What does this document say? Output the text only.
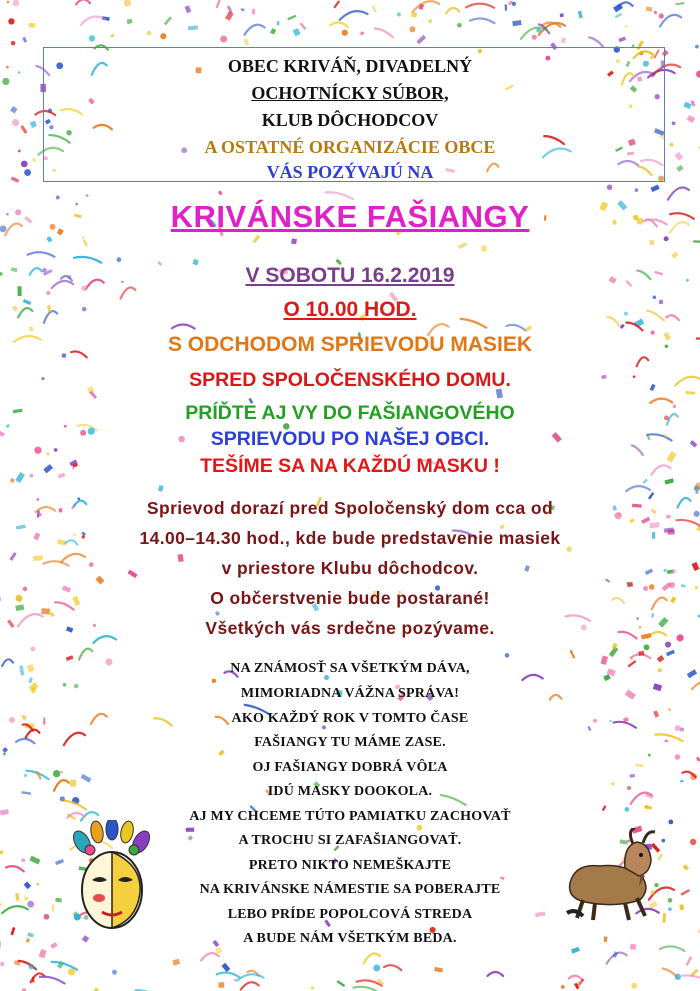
OBEC KRIVÁŇ, DIVADELNÝ
OCHOTNÍCKY SÚBOR,
KLUB DÔCHODCOV
A OSTATNÉ ORGANIZÁCIE OBCE
VÁS POZÝVAJÚ NA
KRIVÁNSKE FAŠIANGY
V SOBOTU 16.2.2019
O 10.00 HOD.
S ODCHODOM SPRIEVODU MASIEK
SPRED SPOLOČENSKÉHO DOMU.
PRÍĎTE AJ VY DO FAŠIANGOVÉHO
SPRIEVODU PO NAŠEJ OBCI.
TEŠÍME SA NA KAŽDÚ MASKU !
Sprievod dorazí pred Spoločenský dom cca od
14.00–14.30 hod., kde bude predstavenie masiek
v priestore Klubu dôchodcov.
O občerstvenie bude postarané!
Všetkých vás srdečne pozývame.
NA ZNÁMOSŤ SA VŠETKÝM DÁVA,
MIMORIADNA VÁŽNA SPRÁVA!
AKO KAŽDÝ ROK V TOMTO ČASE
FAŠIANGY TU MÁME ZASE.
OJ FAŠIANGY DOBRÁ VÔĽA
IDÚ MASKY DOOKOLA.
AJ MY CHCEME TÚTO PAMIATKU ZACHOVAŤ
A TROCHU SI ZAFAŠIANGOVAŤ.
PRETO NIKTO NEMEŠKAJTE
NA KRIVÁNSKE NÁMESTIE SA POBERAJTE
LEBO PRÍDE POPOLCOVÁ STREDA
A BUDE NÁM VŠETKÝM BEDA.
